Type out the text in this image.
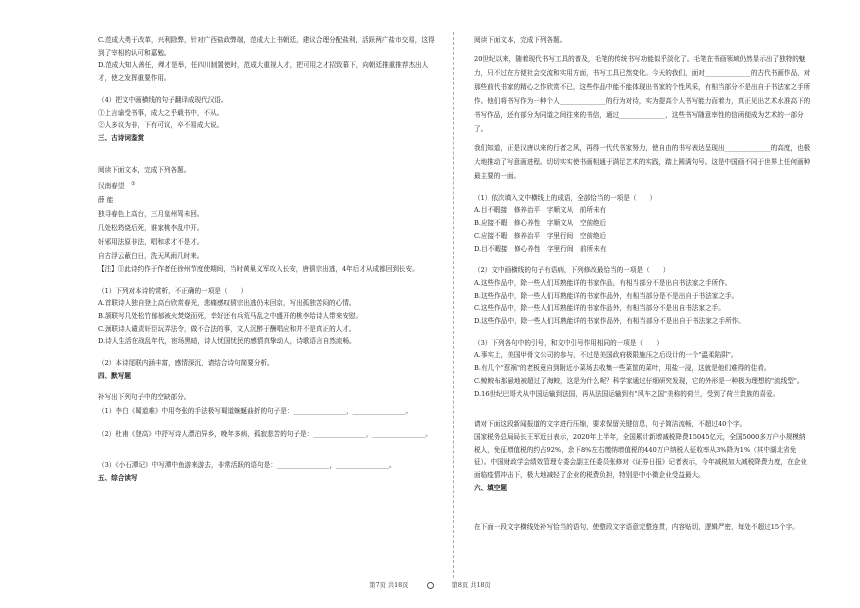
C.范成大勇于改革，兴利除弊，针对广西盐政弊端，范成大上书朝廷，建议合理分配盐利，活跃两广盐市交易，这得到了宰相的认可和嘉勉。
D.范成大知人善任，殚才是举，任四川制置使时，范成大重视人才，把可用之才招致幕下，向朝廷推重推荐杰出人才，使之发挥重要作用。
（4）把文中画横线的句子翻译成现代汉语。
①上言谕受书事，成大之乎载书中，不从。
②人多议为非，下有可议，卒不易成大说。
三、古诗词鉴赏
阅读下面文本，完成下列各题。
汉南春望　 ①
薛 能
独寻春色上高台，三月皇州驾未回。
几处松筠烧后死，谁家桃李乱中开。
奸邪用法原非法，唱和求才不是才。
自古浮云蔽白日，洗天风雨几时来。
【注】①此诗约作于作者任徐州节度使期间，当时黄巢义军攻入长安，唐僖宗出逃，4年后才从成都回到长安。
（1）下列对本诗的赏析，不正确的一项是（　　）
A.首联诗人独自登上高台欣赏春光，悲痛感叹僖宗出逃仍未回京，写出孤独苦闷的心情。
B.颔联写几处松竹郁郁被火焚烧而死，幸好还有兵荒马乱之中盛开的桃李给诗人带来安慰。
C.颈联诗人谴责奸臣玩弄法令，做不合法的事，文人沉醉于酬唱应和并不是真正的人才。
D.诗人生活在战乱年代，宦场黑暗，诗人忧国忧民的感情真挚动人，诗歌语言自然流畅。
（2）本诗尾联内涵丰富，感情深沉，请结合诗句简要分析。
四、默写题
补写出下列句子中的空缺部分。
（1）李白《蜀道难》中用夸张的手法极写蜀道蜿蜒曲折的句子是：________________，________________。
（2）杜甫《登高》中抒写诗人漂泊异乡，晚年多病，孤寂悲苦的句子是：________________，________________。
（3）《小石潭记》中写潭中鱼游来游去，非常活跃的语句是：________________，________________。
五、综合读写
阅读下面文本，完成下列各题。
20世纪以来，随着现代书写工具的普及，毛笔的传统书写功能似乎淡化了。毛笔在书画领域仍然显示出了独特的魅力，只不过在方便社会交流和实用方面，书写工具已然变化。今天的我们，面对______________的古代书画作品，对那些前代书家的精心之作欣赏不已，这些作品中能不能体现出书家的个性风采，有相当部分不是出自于书法家之手所作。他们将书写作为一种个人______________的行为对待，实为提高个人书写能力而着力，真正见出艺术水准高下的书写作品，还有部分为同道之间往来的书信，通过______________，这些书写随意率性的信函便成为艺术的一部分了。
我们知道，正是汉唐以来的行者之风，再得一代代书家努力，使自由的书写表达呈现出______________的高度，也极大地推动了写意画进程。切切实实使书画相通于满足艺术的实践，踏上圆满句号。这是中国画不同于世界上任何画种最主要的一面。
（1）依次填入文中横线上的成语，全部恰当的一项是（　　）
A.目不暇接　修养治平　字顺文从　前所未有
B.应接不暇　修心养性　字顺文从　空前绝后
C.应接不暇　修养治平　字里行间　空前绝后
D.目不暇接　修心养性　字里行间　前所未有
（2）文中画横线的句子有语病，下列修改最恰当的一项是（　　）
A.这些作品中，除一些人们耳熟能详的书家作品，有相当部分不是出自书法家之手所作。
B.这些作品中，除一些人们耳熟能详的书家作品外，有相当部分是不是出自于书法家之手。
C.这些作品中，除一些人们耳熟能详的书家作品外，有相当部分不是出自书法家之手。
D.这些作品中，除一些人们耳熟能详的书家作品外，有相当部分不是出自于书法家之手所作。
（3）下列各句中的引号，和文中引号作用相同的一项是（　　）
A.事实上，美国甲骨文公司的参与，不过是美国政府极限施压之后设计的一个"温柔陷阱"。
B.有几个"惹祸"的老板竟自到附近小菜场去收集一些菜筐的菜叶，用盐一浸，这就是他们难得的佳肴。
C.鲸鲛布那悬地被超过了海鲛，这是为什么呢？科学家通过仔细研究发现，它的外形是一种极为理想的"流线型"。
D.16世纪巴哥犬从中国运输到法国，再从法国运输到有"风车之国"美称的荷兰，受到了荷兰贵族的喜爱。
请对下面这段新闻报道的文字进行压缩，要求保留关键信息，句子简洁流畅，不超过40个字。
国家税务总局局长王军近日表示，2020年上半年，全国累计新增减税降费15045亿元，全国5000多万户小规模纳税人，免征增值税的约占92%，余下8%左右缴纳增值税的440万户纳税人征收率从3%降为1%（其中湖北省免征）。中国财政学会绩效管理专委会副主任委员张修对《证券日报》记者表示，今年减税加大减税降费力度，在企业面临疫情冲击下，极大地减轻了企业的税费负担，特别是中小微企业受益最大。
六、填空题
在下面一段文字横线处补写恰当的语句，使整段文字语意完整连贯，内容贴切，逻辑严密，每处不超过15个字。
第7页 共18页	第8页 共18页
